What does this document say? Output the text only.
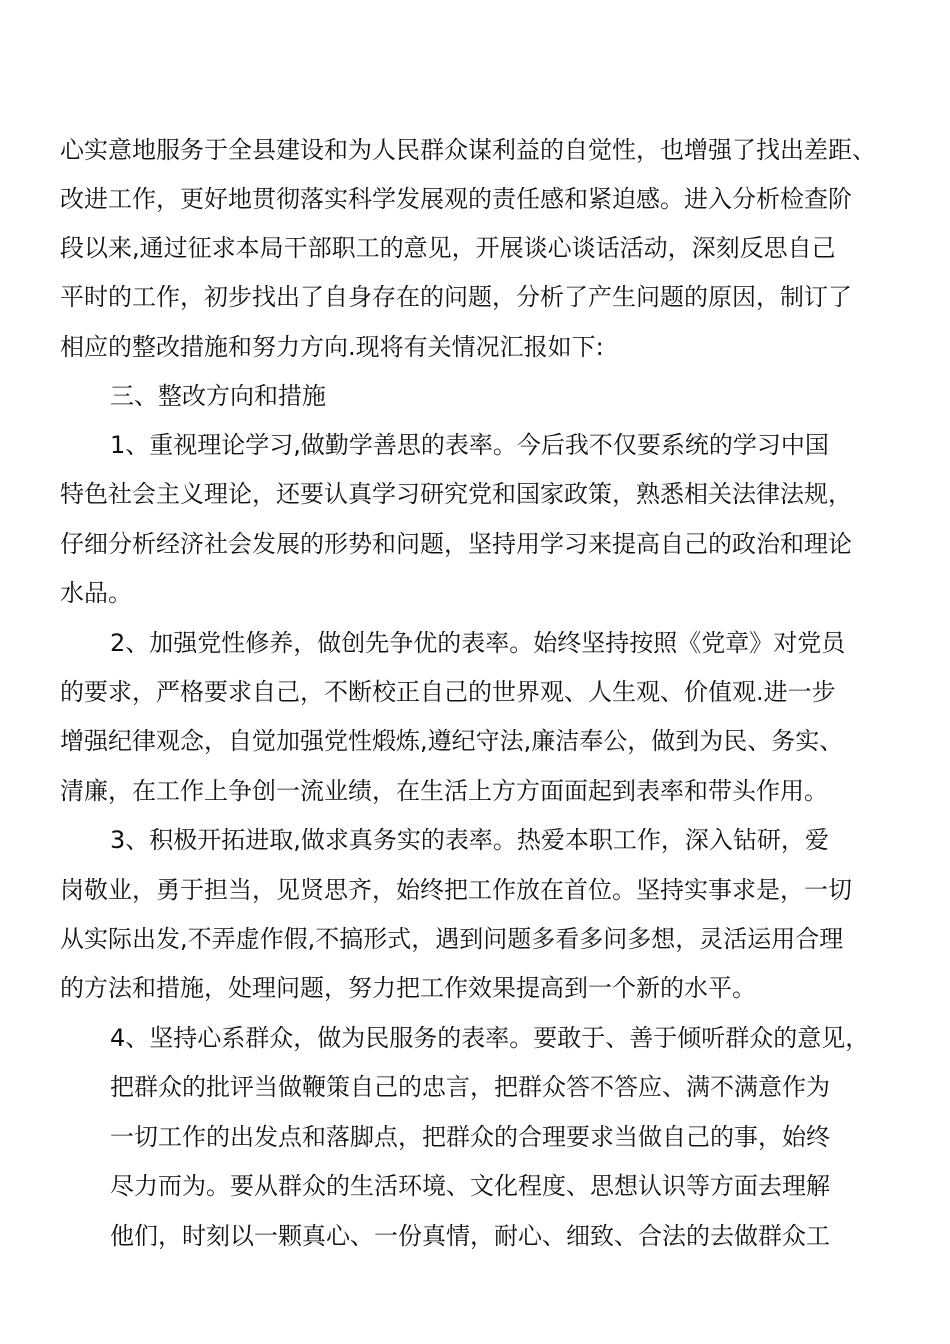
心实意地服务于全县建设和为人民群众谋利益的自觉性，也增强了找出差距、
改进工作，更好地贯彻落实科学发展观的责任感和紧迫感。进入分析检查阶
段以来,通过征求本局干部职工的意见，开展谈心谈话活动，深刻反思自己
平时的工作，初步找出了自身存在的问题，分析了产生问题的原因，制订了
相应的整改措施和努力方向.现将有关情况汇报如下:
三、整改方向和措施
1、重视理论学习,做勤学善思的表率。今后我不仅要系统的学习中国
特色社会主义理论，还要认真学习研究党和国家政策，熟悉相关法律法规，
仔细分析经济社会发展的形势和问题，坚持用学习来提高自己的政治和理论
水品。
2、加强党性修养，做创先争优的表率。始终坚持按照《党章》对党员
的要求，严格要求自己，不断校正自己的世界观、人生观、价值观.进一步
增强纪律观念，自觉加强党性煅炼,遵纪守法,廉洁奉公，做到为民、务实、
清廉，在工作上争创一流业绩，在生活上方方面面起到表率和带头作用。
3、积极开拓进取,做求真务实的表率。热爱本职工作，深入钻研，爱
岗敬业，勇于担当，见贤思齐，始终把工作放在首位。坚持实事求是，一切
从实际出发,不弄虚作假,不搞形式，遇到问题多看多问多想，灵活运用合理
的方法和措施，处理问题，努力把工作效果提高到一个新的水平。
4、坚持心系群众，做为民服务的表率。要敢于、善于倾听群众的意见，
把群众的批评当做鞭策自己的忠言，把群众答不答应、满不满意作为
一切工作的出发点和落脚点，把群众的合理要求当做自己的事，始终
尽力而为。要从群众的生活环境、文化程度、思想认识等方面去理解
他们，时刻以一颗真心、一份真情，耐心、细致、合法的去做群众工
